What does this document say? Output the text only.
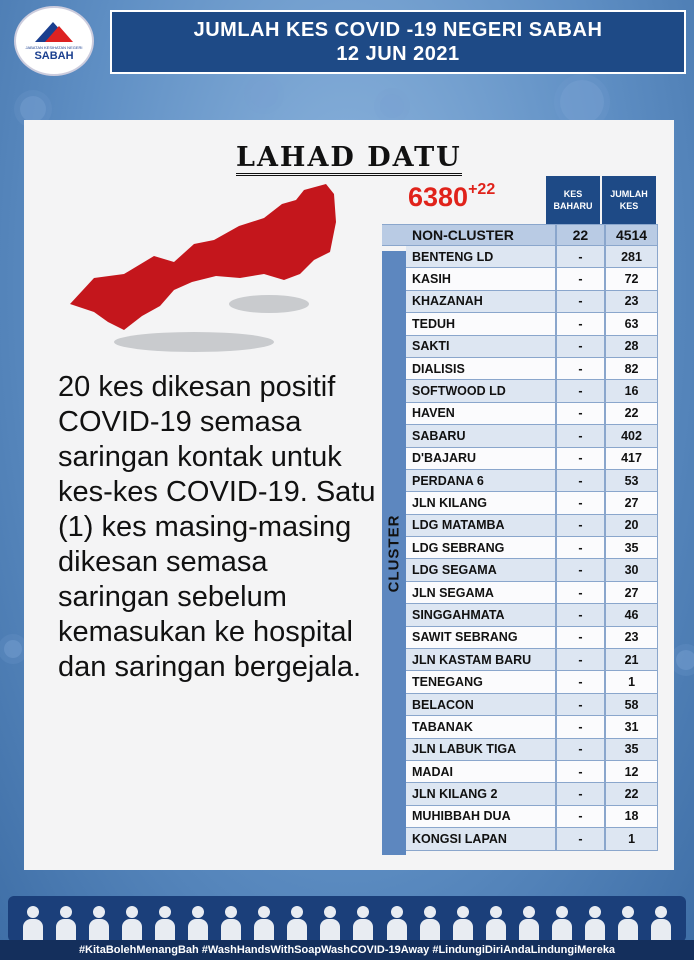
JABATAN KESIHATAN NEGERI
SABAH
JUMLAH KES COVID -19 NEGERI SABAH
12 JUN 2021
LAHAD DATU
20 kes dikesan positif COVID-19 semasa saringan kontak untuk kes-kes COVID-19. Satu (1) kes masing-masing dikesan semasa saringan sebelum kemasukan ke hospital dan saringan bergejala.
$6380^{+22}$	KES BAHARU
JUMLAH KES
NON-CLUSTER	22	4514
BENTENG LD	-	281
KASIH	-	72
KHAZANAH	-	23
TEDUH	-	63
SAKTI	-	28
DIALISIS	-	82
SOFTWOOD LD	-	16
HAVEN	-	22
SABARU	-	402
D'BAJARU	-	417
PERDANA 6	-	53
JLN KILANG	-	27
LDG MATAMBA	-	20
LDG SEBRANG	-	35
LDG SEGAMA	-	30
JLN SEGAMA	-	27
SINGGAHMATA	-	46
SAWIT SEBRANG	-	23
JLN KASTAM BARU	-	21
TENEGANG	-	1
BELACON	-	58
TABANAK	-	31
JLN LABUK TIGA	-	35
MADAI	-	12
JLN KILANG 2	-	22
MUHIBBAH DUA	-	18
KONGSI LAPAN	-	1
CLUSTER
#KitaBolehMenangBah #WashHandsWithSoapWashCOVID-19Away #LindungiDiriAndaLindungiMereka
